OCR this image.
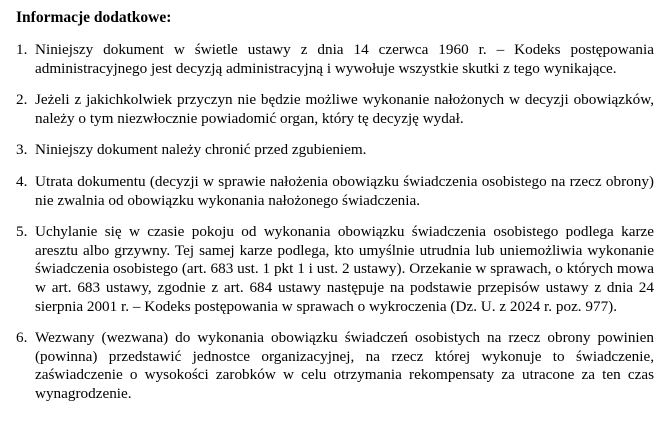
Informacje dodatkowe:
1. Niniejszy dokument w świetle ustawy z dnia 14 czerwca 1960 r. – Kodeks postępowania administracyjnego jest decyzją administracyjną i wywołuje wszystkie skutki z tego wynikające.
2. Jeżeli z jakichkolwiek przyczyn nie będzie możliwe wykonanie nałożonych w decyzji obowiązków, należy o tym niezwłocznie powiadomić organ, który tę decyzję wydał.
3. Niniejszy dokument należy chronić przed zgubieniem.
4. Utrata dokumentu (decyzji w sprawie nałożenia obowiązku świadczenia osobistego na rzecz obrony) nie zwalnia od obowiązku wykonania nałożonego świadczenia.
5. Uchylanie się w czasie pokoju od wykonania obowiązku świadczenia osobistego podlega karze aresztu albo grzywny. Tej samej karze podlega, kto umyślnie utrudnia lub uniemożliwia wykonanie świadczenia osobistego (art. 683 ust. 1 pkt 1 i ust. 2 ustawy). Orzekanie w sprawach, o których mowa w art. 683 ustawy, zgodnie z art. 684 ustawy następuje na podstawie przepisów ustawy z dnia 24 sierpnia 2001 r. – Kodeks postępowania w sprawach o wykroczenia (Dz. U. z 2024 r. poz. 977).
6. Wezwany (wezwana) do wykonania obowiązku świadczeń osobistych na rzecz obrony powinien (powinna) przedstawić jednostce organizacyjnej, na rzecz której wykonuje to świadczenie, zaświadczenie o wysokości zarobków w celu otrzymania rekompensaty za utracone za ten czas wynagrodzenie.
